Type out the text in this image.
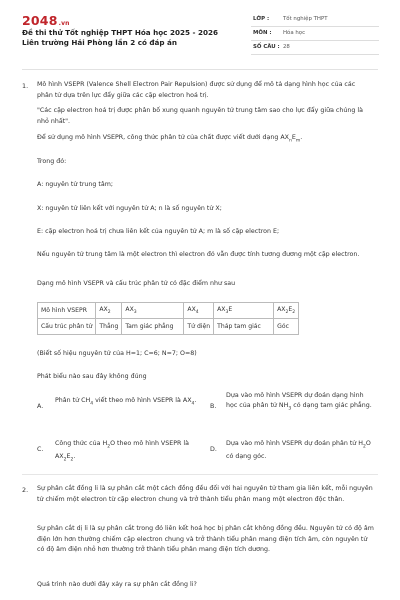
2048.vn
Đề thi thử Tốt nghiệp THPT Hóa học 2025 - 2026 Liên trường Hải Phòng lần 2 có đáp án
LỚP :	Tốt nghiệp THPT
MÔN : Hóa học
SỐ CÂU : 28
1. Mô hình VSEPR (Valence Shell Electron Pair Repulsion) được sử dụng để mô tả dạng hình học của các phân tử dựa trên lực đẩy giữa các cặp electron hoá trị.
"Các cặp electron hoá trị được phân bố xung quanh nguyên tử trung tâm sao cho lực đẩy giữa chúng là nhỏ nhất".
Để sử dụng mô hình VSEPR, công thức phân tử của chất được viết dưới dạng $AX_nE_m$.
Trong đó:
A: nguyên tử trung tâm;
X: nguyên tử liên kết với nguyên tử A; n là số nguyên tử X;
E: cặp electron hoá trị chưa liên kết của nguyên tử A; m là số cặp electron E;
Nếu nguyên tử trung tâm là một electron thì electron đó vẫn được tính tương đương một cặp electron.
Dạng mô hình VSEPR và cấu trúc phân tử có đặc điểm như sau
Mô hình VSEPR	$AX_2$	$AX_3$	$AX_4$	$AX_3E$	$AX_2E_2$
Cấu trúc phân tử	Thẳng	Tam giác phẳng	Tứ diện	Tháp tam giác	Góc
(Biết số hiệu nguyên tử của H=1; C=6; N=7; O=8)
Phát biểu nào sau đây không đúng
A.
Phân tử $CH_4$ viết theo mô hình VSEPR là $AX_4$.
B.
Dựa vào mô hình VSEPR dự đoán dạng hình học của phân tử $NH_3$ có dạng tam giác phẳng.
C.
Công thức của $H_2O$ theo mô hình VSEPR là $AX_2E_2$.
D.
Dựa vào mô hình VSEPR dự đoán phân tử $H_2O$ có dạng góc.
2. Sự phân cắt đồng li là sự phân cắt một cách đồng đều đối với hai nguyên tử tham gia liên kết, mỗi nguyên tử chiếm một electron từ cặp electron chung và trở thành tiểu phân mang một electron độc thân.
Sự phân cắt dị li là sự phân cắt trong đó liên kết hoá học bị phân cắt không đồng đều. Nguyên tử có độ âm điện lớn hơn thường chiếm cặp electron chung và trở thành tiểu phân mang điện tích âm, còn nguyên tử có độ âm điện nhỏ hơn thường trở thành tiểu phân mang điện tích dương.
Quá trình nào dưới đây xảy ra sự phân cắt đồng li?
